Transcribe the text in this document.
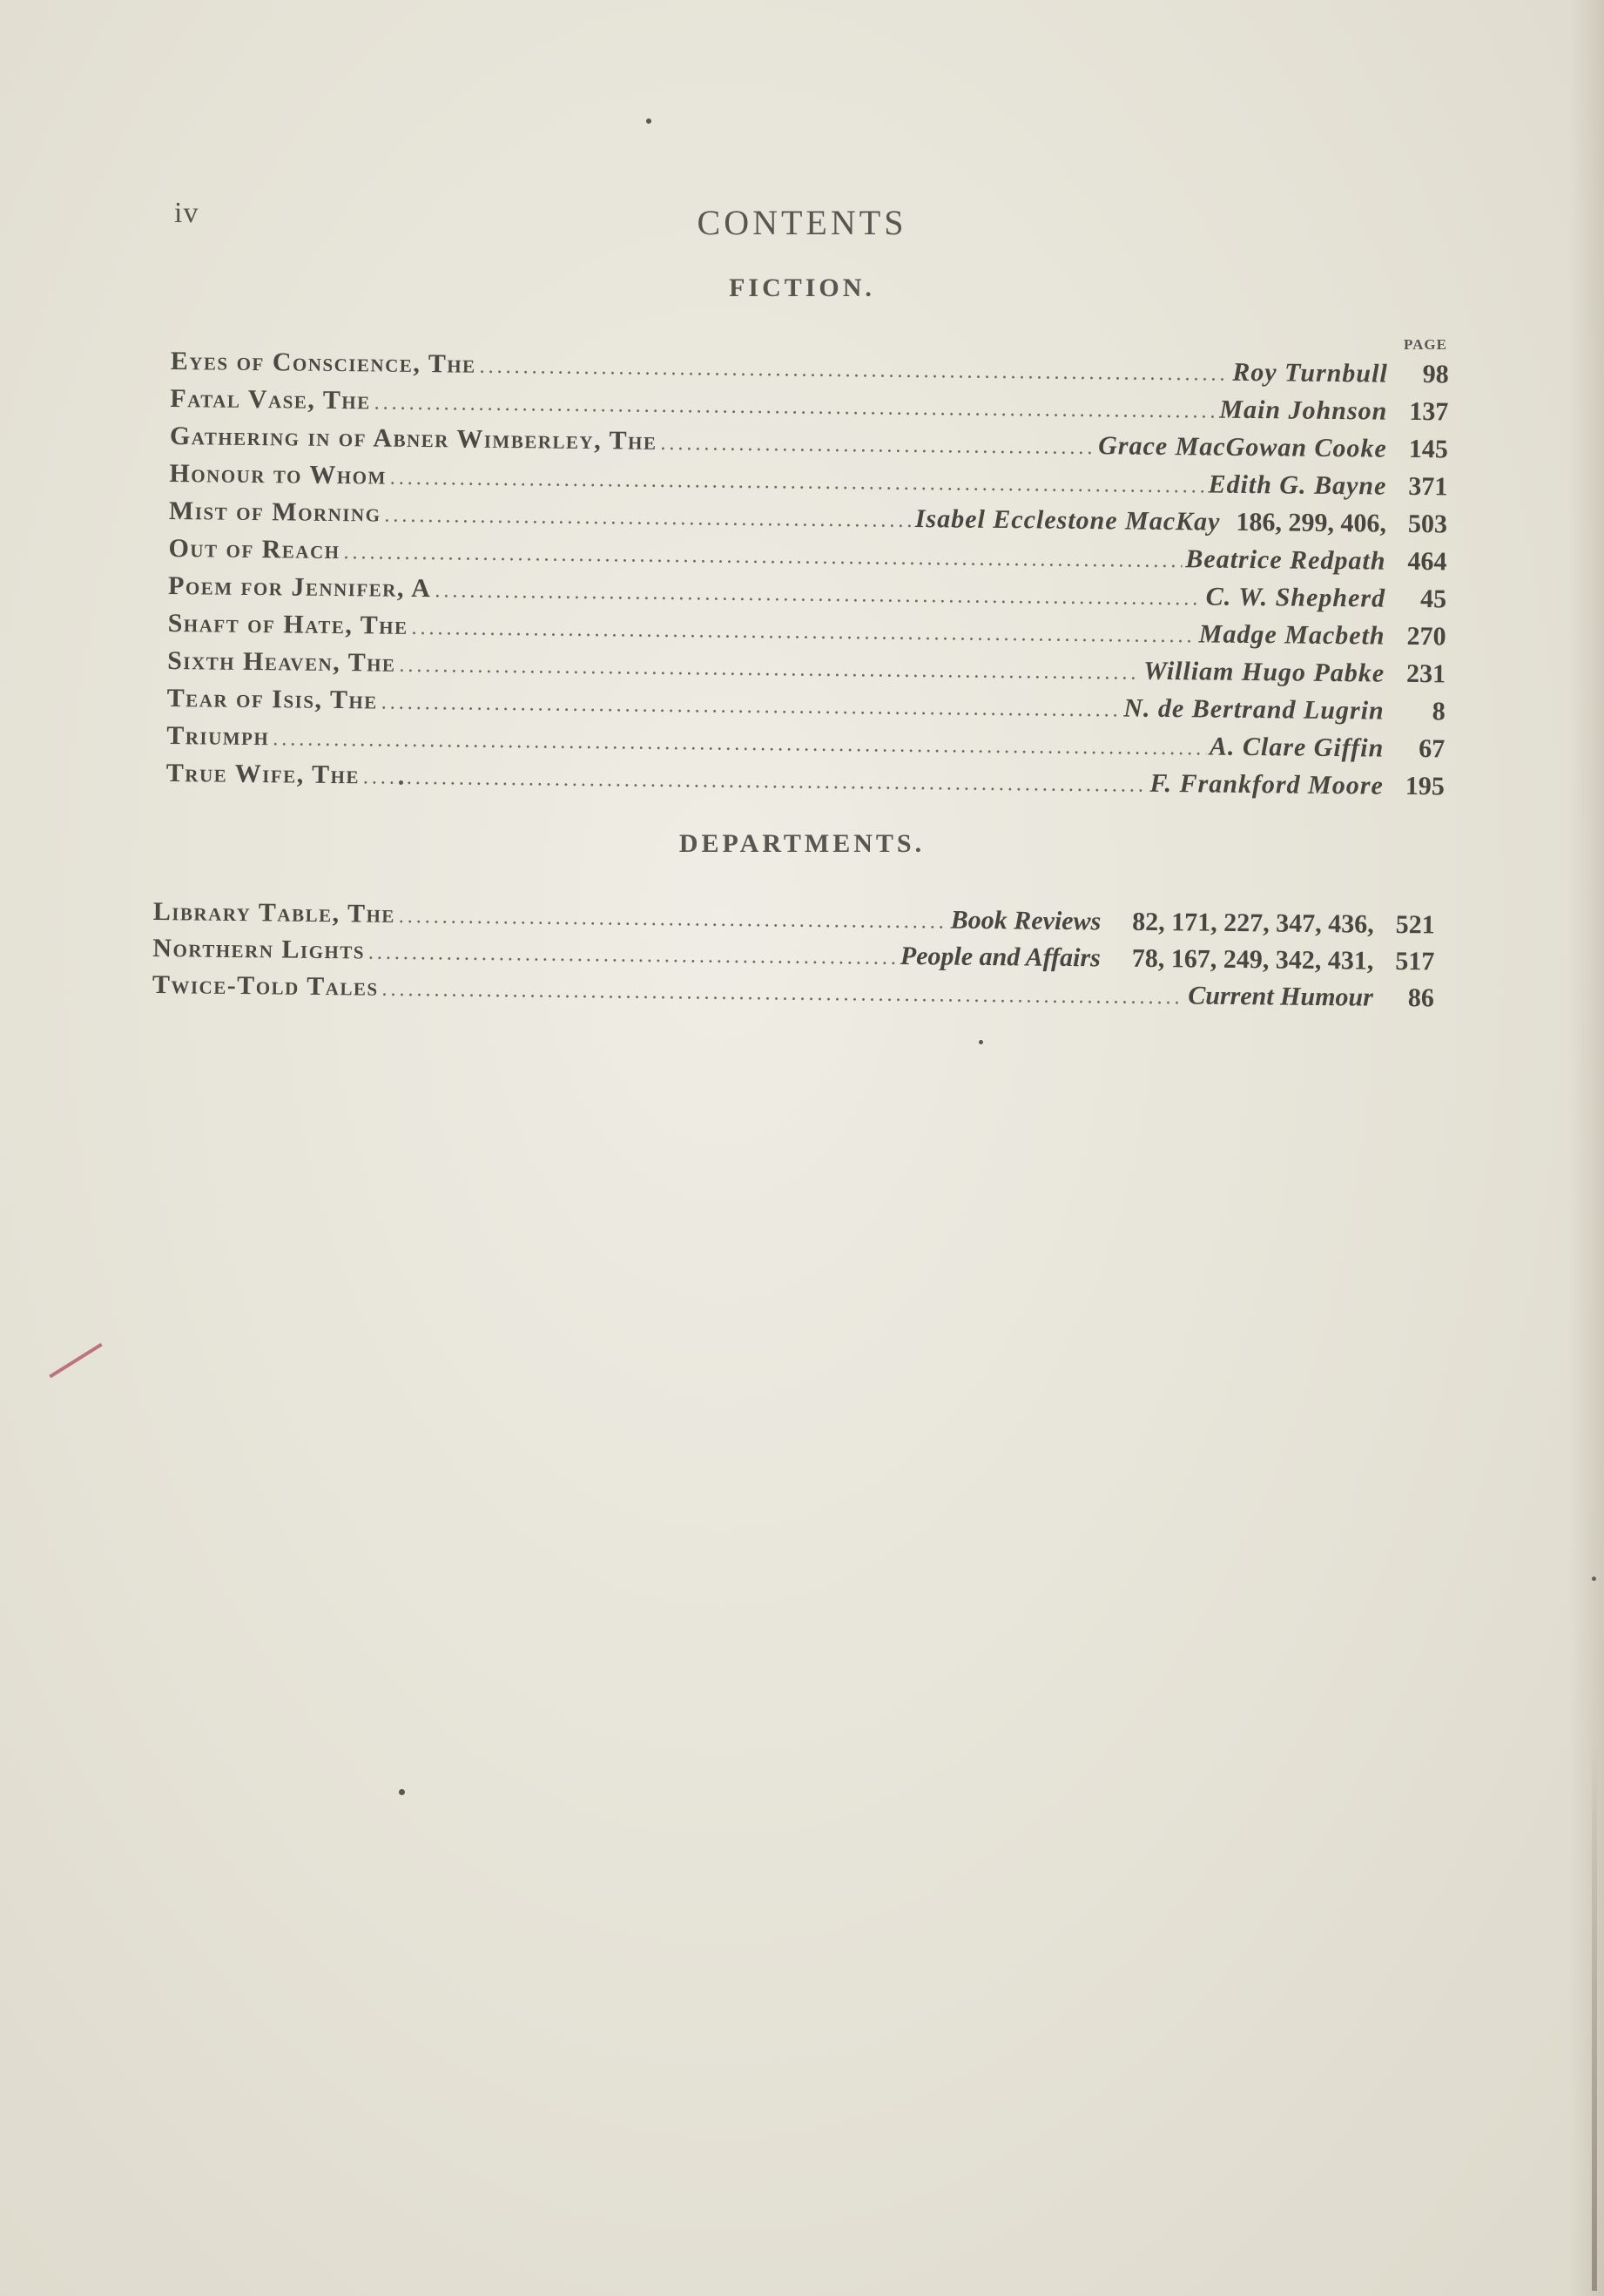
iv	CONTENTS
FICTION.
PAGE
Eyes of Conscience, The .....	Roy Turnbull	98
Fatal Vase, The .....	Main Johnson 137
Gathering in of Abner Wimberley, The .....	Grace MacGowan Cooke 145
Honour to Whom .....	Edith G. Bayne 371
Mist of Morning .....	Isabel Ecclestone MacKay 186, 299, 406, 503
Out of Reach .....	Beatrice Redpath 464
Poem for Jennifer, A .....	C. W. Shepherd	45
Shaft of Hate, The .....	Madge Macbeth 270
Sixth Heaven, The .....	William Hugo Pabke 231
Tear of Isis, The .....	N. de Bertrand Lugrin	8
Triumph .....	A. Clare Giffin	67
True Wife, The .....	F. Frankford Moore 195
DEPARTMENTS.
Library Table, The .....	Book Reviews 82, 171, 227, 347, 436, 521
Northern Lights .....	People and Affairs 78, 167, 249, 342, 431, 517
Twice-Told Tales .....	Current Humour	86
